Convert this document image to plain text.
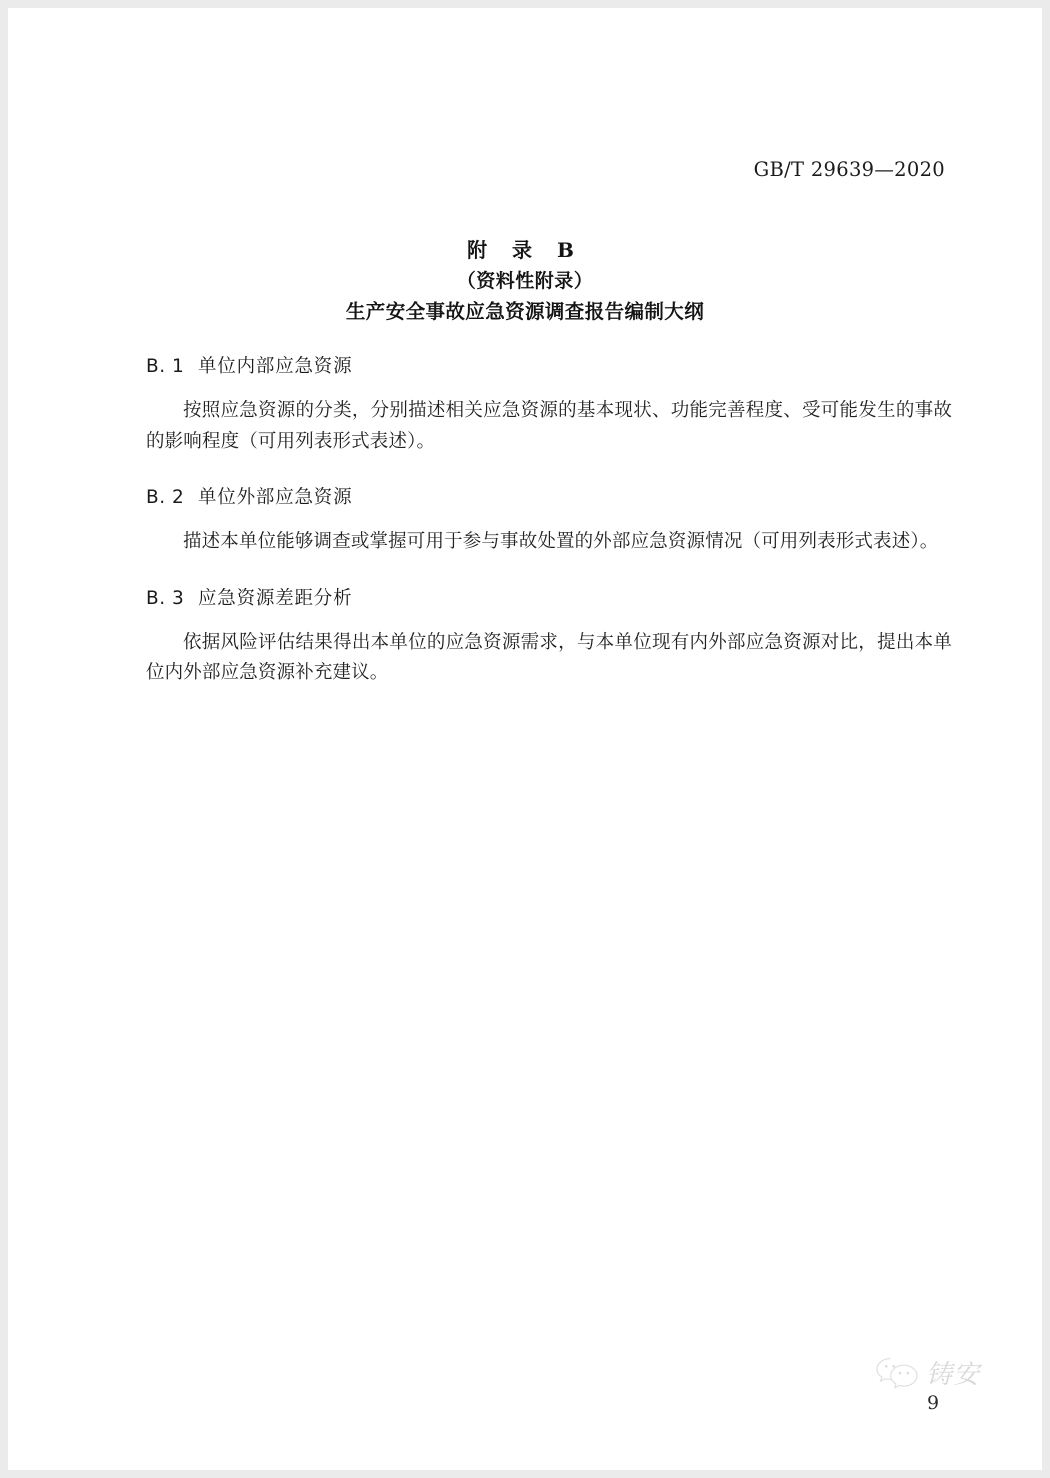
GB/T 29639—2020
附 录 B
（资料性附录）
生产安全事故应急资源调查报告编制大纲
B. 1 单位内部应急资源

按照应急资源的分类，分别描述相关应急资源的基本现状、功能完善程度、受可能发生的事故的影响程度（可用列表形式表述）。

B. 2 单位外部应急资源

描述本单位能够调查或掌握可用于参与事故处置的外部应急资源情况（可用列表形式表述）。

B. 3 应急资源差距分析

依据风险评估结果得出本单位的应急资源需求，与本单位现有内外部应急资源对比，提出本单位内外部应急资源补充建议。

铸安
9
